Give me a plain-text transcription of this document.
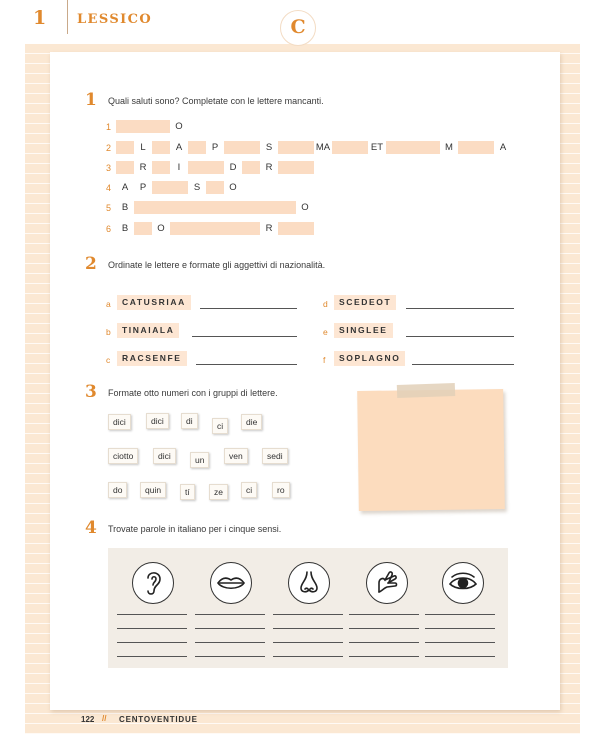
1 LESSICO	C
1 Quali saluti sono? Completate con le lettere mancanti.
1	O
2	L	A	P	S	MA	ET	M	A
3	R	I	D	R
4	A	P	S	O
5	B	O
6	B	O	R
2 Ordinate le lettere e formate gli aggettivi di nazionalità.
a	CATUSRIAA
b	TINAIALA
c	RACSENFE
d	SCEDEOT
e	SINGLEE
f	SOPLAGNO
3 Formate otto numeri con i gruppi di lettere.
dici	dici	di	ci	die
ciotto	dici	un	ven	sedi
do	quin	tí	ze	ci	ro
4 Trovate parole in italiano per i cinque sensi.
122 // CENTOVENTIDUE
